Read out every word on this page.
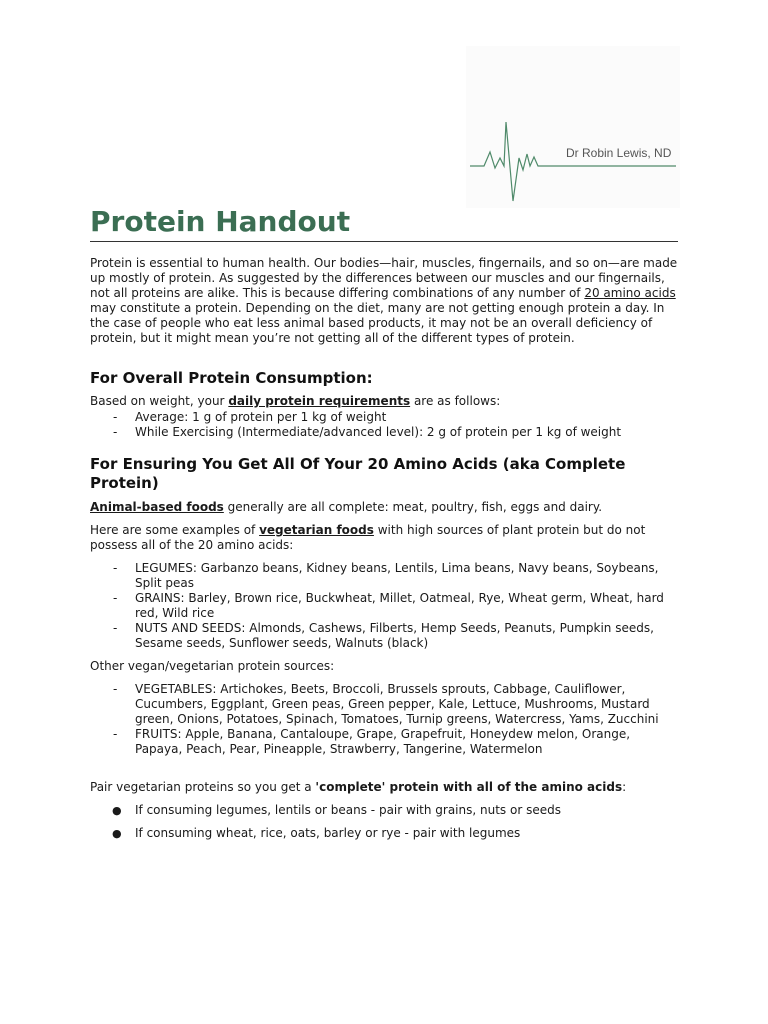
Dr Robin Lewis, ND
Protein Handout

Protein is essential to human health. Our bodies—hair, muscles, fingernails, and so on—are made up mostly of protein. As suggested by the differences between our muscles and our fingernails, not all proteins are alike. This is because differing combinations of any number of 20 amino acids may constitute a protein. Depending on the diet, many are not getting enough protein a day. In the case of people who eat less animal based products, it may not be an overall deficiency of protein, but it might mean you’re not getting all of the different types of protein.

For Overall Protein Consumption:

Based on weight, your daily protein requirements are as follows:

- Average: 1 g of protein per 1 kg of weight
- While Exercising (Intermediate/advanced level): 2 g of protein per 1 kg of weight
For Ensuring You Get All Of Your 20 Amino Acids (aka Complete Protein)

Animal-based foods generally are all complete: meat, poultry, fish, eggs and dairy.

Here are some examples of vegetarian foods with high sources of plant protein but do not possess all of the 20 amino acids:

- LEGUMES: Garbanzo beans, Kidney beans, Lentils, Lima beans, Navy beans, Soybeans, Split peas
- GRAINS: Barley, Brown rice, Buckwheat, Millet, Oatmeal, Rye, Wheat germ, Wheat, hard red, Wild rice
- NUTS AND SEEDS: Almonds, Cashews, Filberts, Hemp Seeds, Peanuts, Pumpkin seeds, Sesame seeds, Sunflower seeds, Walnuts (black)

Other vegan/vegetarian protein sources:

- VEGETABLES: Artichokes, Beets, Broccoli, Brussels sprouts, Cabbage, Cauliflower, Cucumbers, Eggplant, Green peas, Green pepper, Kale, Lettuce, Mushrooms, Mustard green, Onions, Potatoes, Spinach, Tomatoes, Turnip greens, Watercress, Yams, Zucchini
- FRUITS: Apple, Banana, Cantaloupe, Grape, Grapefruit, Honeydew melon, Orange, Papaya, Peach, Pear, Pineapple, Strawberry, Tangerine, Watermelon

Pair vegetarian proteins so you get a 'complete' protein with all of the amino acids:

● If consuming legumes, lentils or beans - pair with grains, nuts or seeds
● If consuming wheat, rice, oats, barley or rye - pair with legumes
